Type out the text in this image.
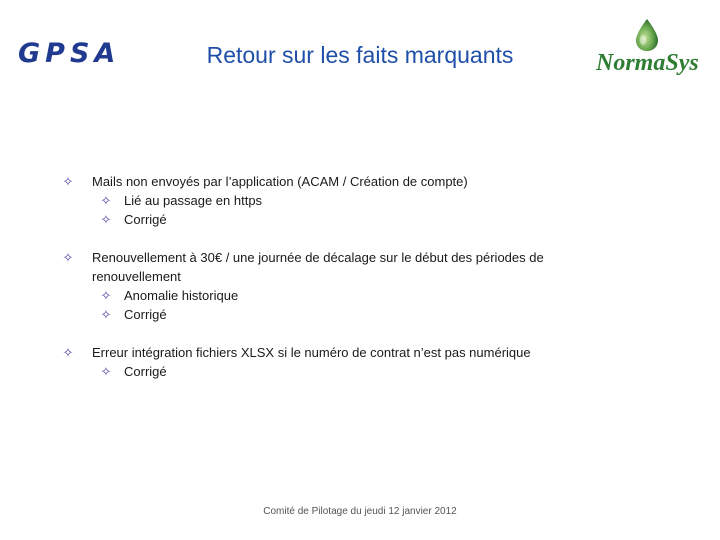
GPSA	Retour sur les faits marquants	NormaSys
✧ Mails non envoyés par l’application (ACAM / Création de compte)
✧ Lié au passage en https
✧ Corrigé
✧ Renouvellement à 30€ / une journée de décalage sur le début des périodes de renouvellement
✧ Anomalie historique
✧ Corrigé
✧ Erreur intégration fichiers XLSX si le numéro de contrat n’est pas numérique
✧ Corrigé
Comité de Pilotage du jeudi 12 janvier 2012
